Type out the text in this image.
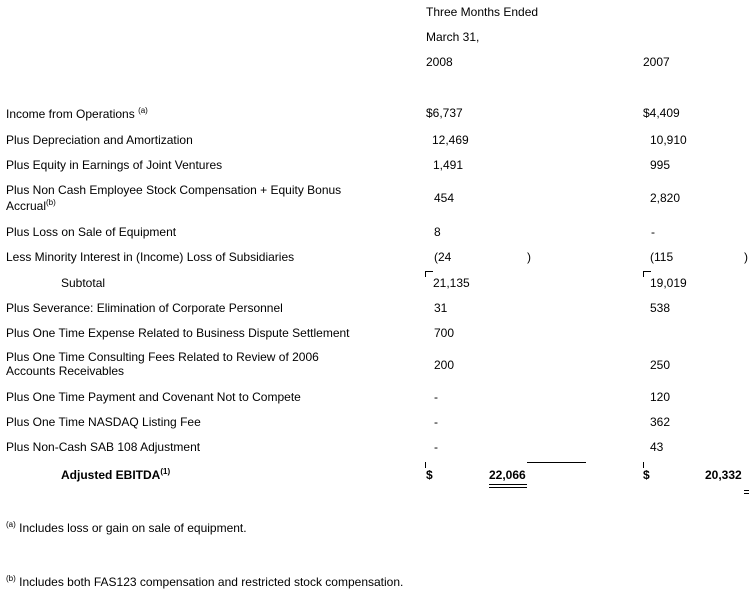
Three Months Ended
March 31,
2008	2007
Income from Operations $^{(a)}$	$6,737	$4,409
Plus Depreciation and Amortization	12,469	10,910
Plus Equity in Earnings of Joint Ventures	1,491	995
Plus Non Cash Employee Stock Compensation + Equity Bonus
Accrual$^{(b)}$	454	2,820
Plus Loss on Sale of Equipment	8	-
Less Minority Interest in (Income) Loss of Subsidiaries	(24	)	(115	)
Subtotal	21,135	19,019
Plus Severance: Elimination of Corporate Personnel	31	538
Plus One Time Expense Related to Business Dispute Settlement	700
Plus One Time Consulting Fees Related to Review of 2006
Accounts Receivables	200	250
Plus One Time Payment and Covenant Not to Compete	-	120
Plus One Time NASDAQ Listing Fee	-	362
Plus Non-Cash SAB 108 Adjustment	-	43
Adjusted EBITDA$^{(1)}$	$	22,066	$	20,332
$^{(a)}$ Includes loss or gain on sale of equipment.
$^{(b)}$ Includes both FAS123 compensation and restricted stock compensation.
